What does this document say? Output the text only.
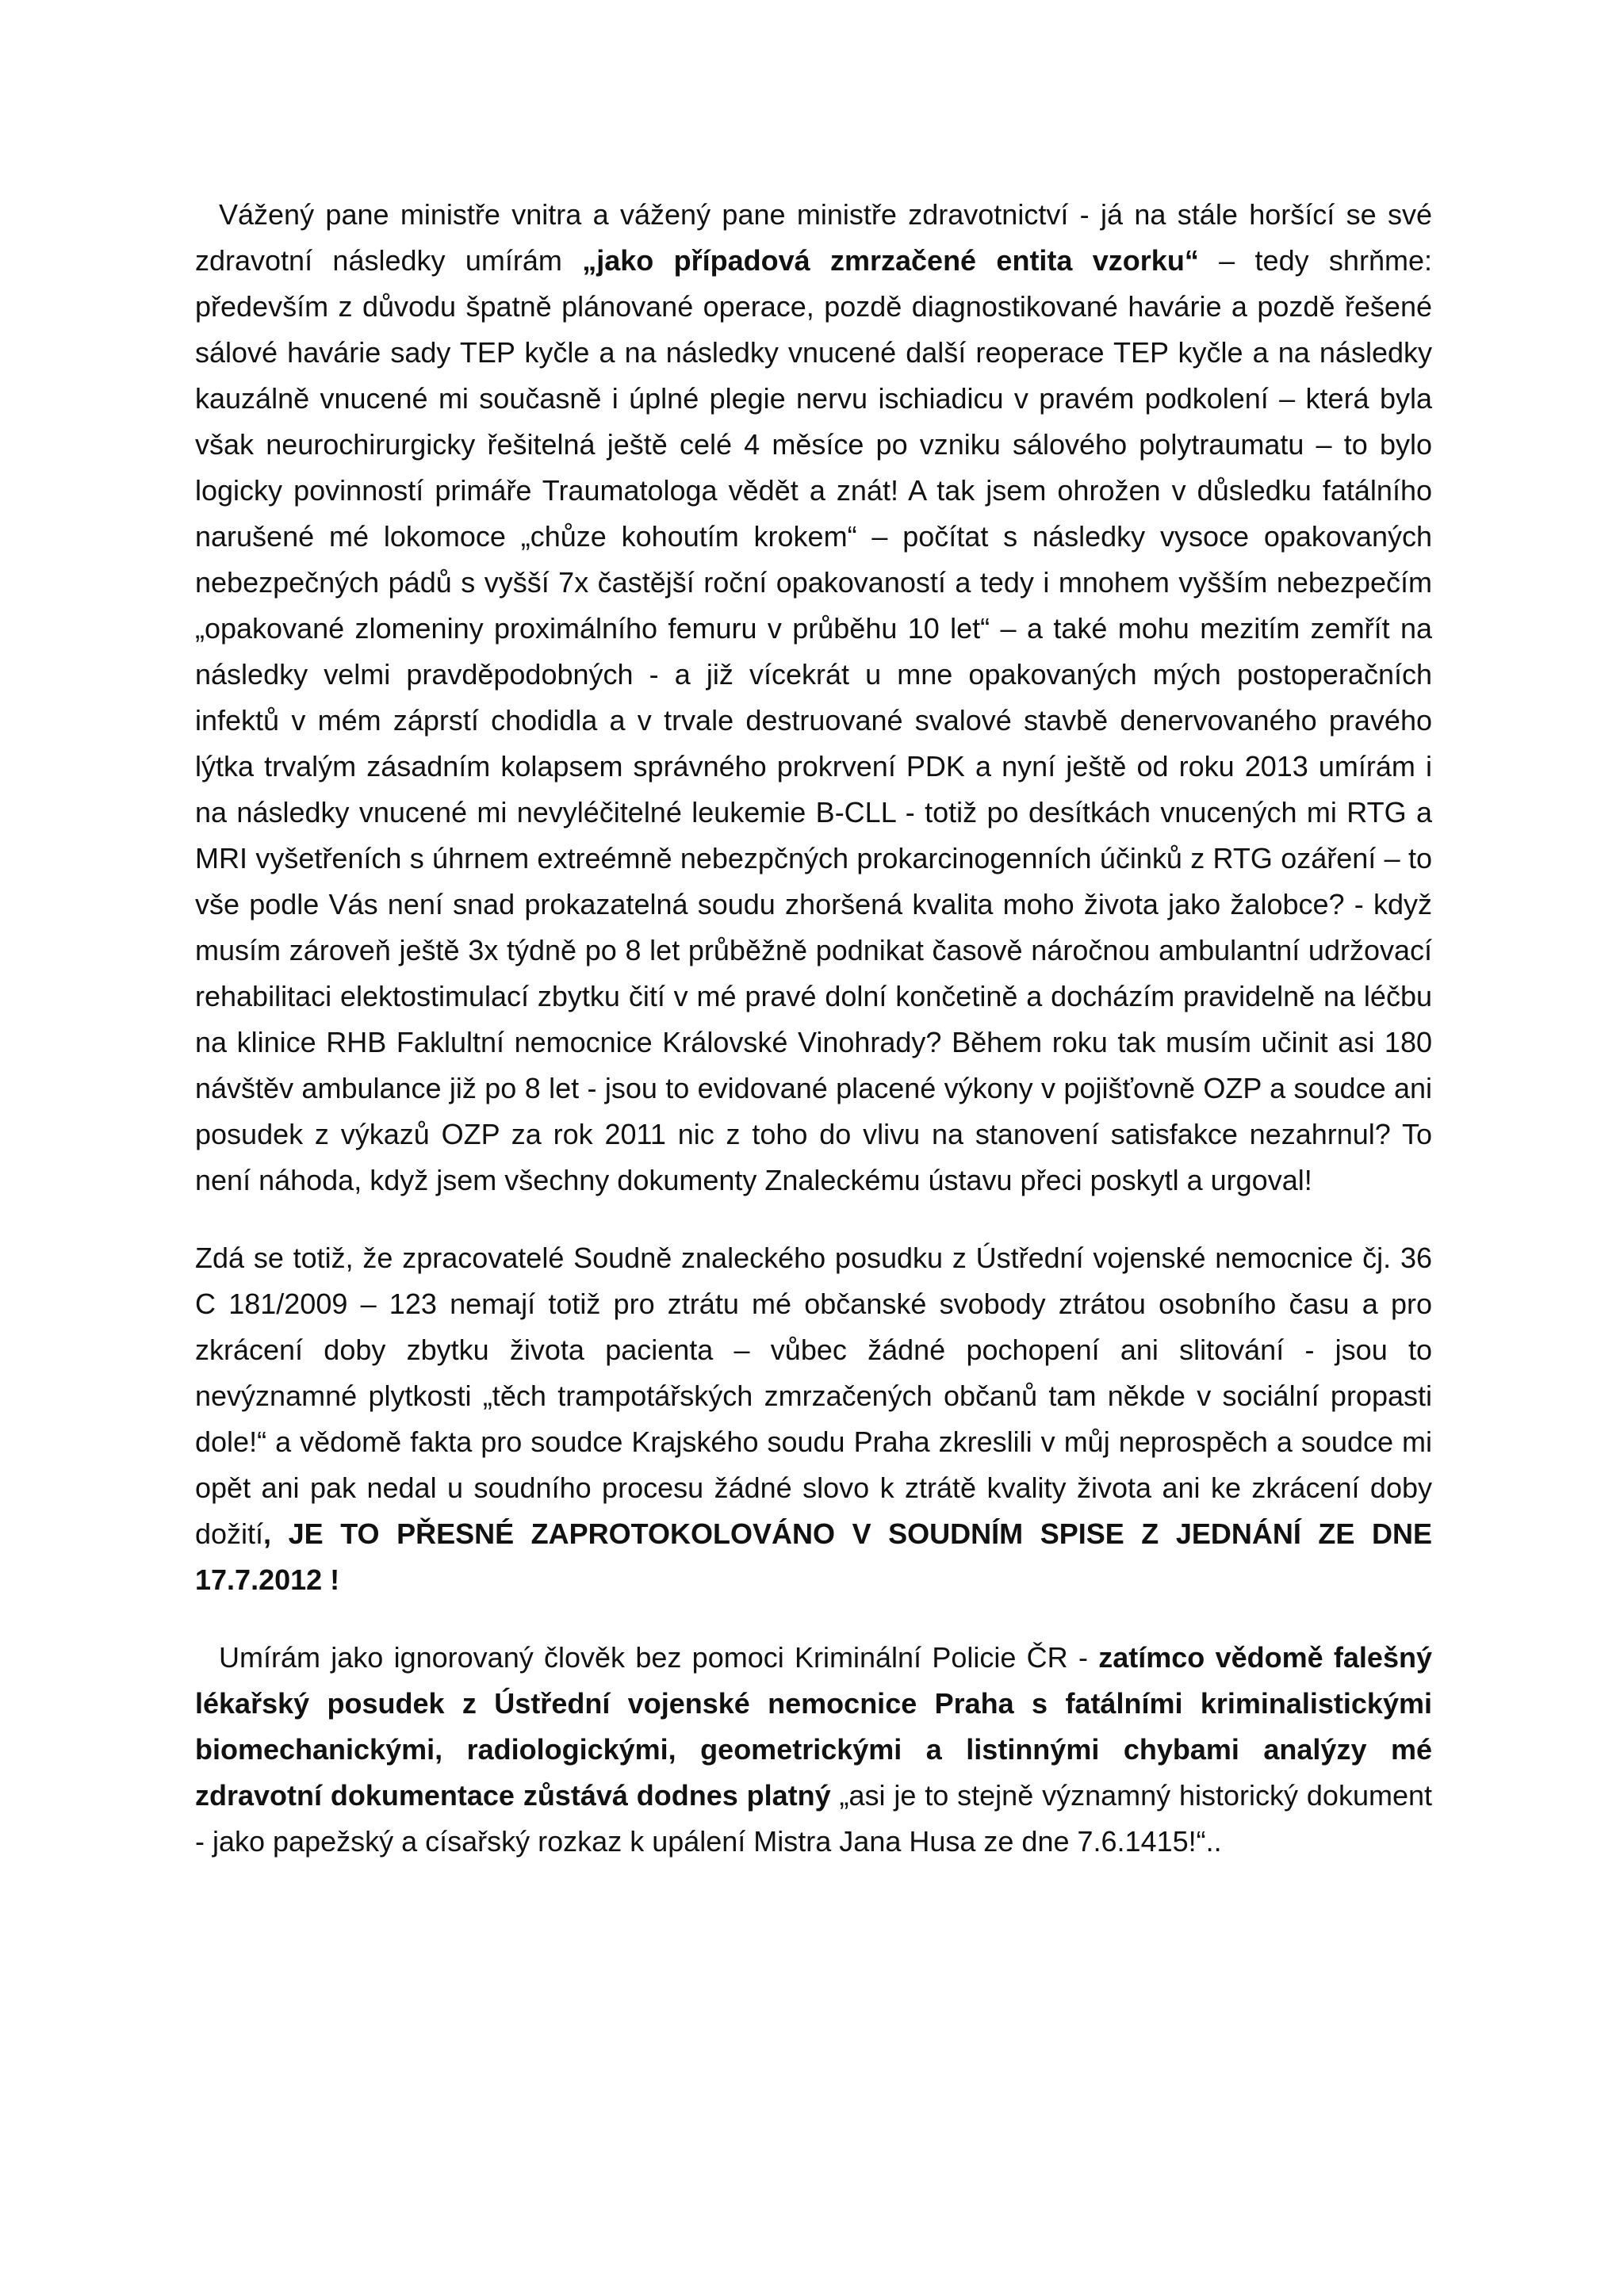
Vážený pane ministře vnitra a vážený pane ministře zdravotnictví - já na stále horšící se své zdravotní následky umírám „jako případová zmrzačené entita vzorku“ – tedy shrňme: především z důvodu špatně plánované operace, pozdě diagnostikované havárie a pozdě řešené sálové havárie sady TEP kyčle a na následky vnucené další reoperace TEP kyčle a na následky kauzálně vnucené mi současně i úplné plegie nervu ischiadicu v pravém podkolení – která byla však neurochirurgicky řešitelná ještě celé 4 měsíce po vzniku sálového polytraumatu – to bylo logicky povinností primáře Traumatologa vědět a znát! A tak jsem ohrožen v důsledku fatálního narušené mé lokomoce „chůze kohoutím krokem“ – počítat s následky vysoce opakovaných nebezpečných pádů s vyšší 7x častější roční opakovaností a tedy i mnohem vyšším nebezpečím „opakované zlomeniny proximálního femuru v průběhu 10 let“ – a také mohu mezitím zemřít na následky velmi pravděpodobných - a již vícekrát u mne opakovaných mých postoperačních infektů v mém záprstí chodidla a v trvale destruované svalové stavbě denervovaného pravého lýtka trvalým zásadním kolapsem správného prokrvení PDK a nyní ještě od roku 2013 umírám i na následky vnucené mi nevyléčitelné leukemie B-CLL - totiž po desítkách vnucených mi RTG a MRI vyšetřeních s úhrnem extreémně nebezpčných prokarcinogenních účinků z RTG ozáření – to vše podle Vás není snad prokazatelná soudu zhoršená kvalita moho života jako žalobce? - když musím zároveň ještě 3x týdně po 8 let průběžně podnikat časově náročnou ambulantní udržovací rehabilitaci elektostimulací zbytku čití v mé pravé dolní končetině a docházím pravidelně na léčbu na klinice RHB Faklultní nemocnice Královské Vinohrady? Během roku tak musím učinit asi 180 návštěv ambulance již po 8 let - jsou to evidované placené výkony v pojišťovně OZP a soudce ani posudek z výkazů OZP za rok 2011 nic z toho do vlivu na stanovení satisfakce nezahrnul? To není náhoda, když jsem všechny dokumenty Znaleckému ústavu přeci poskytl a urgoval!

Zdá se totiž, že zpracovatelé Soudně znaleckého posudku z Ústřední vojenské nemocnice čj. 36 C 181/2009 – 123 nemají totiž pro ztrátu mé občanské svobody ztrátou osobního času a pro zkrácení doby zbytku života pacienta – vůbec žádné pochopení ani slitování - jsou to nevýznamné plytkosti „těch trampotářských zmrzačených občanů tam někde v sociální propasti dole!“ a vědomě fakta pro soudce Krajského soudu Praha zkreslili v můj neprospěch a soudce mi opět ani pak nedal u soudního procesu žádné slovo k ztrátě kvality života ani ke zkrácení doby dožití, JE TO PŘESNÉ ZAPROTOKOLOVÁNO V SOUDNÍM SPISE Z JEDNÁNÍ ZE DNE 17.7.2012 !

Umírám jako ignorovaný člověk bez pomoci Kriminální Policie ČR - zatímco vědomě falešný lékařský posudek z Ústřední vojenské nemocnice Praha s fatálními kriminalistickými biomechanickými, radiologickými, geometrickými a listinnými chybami analýzy mé zdravotní dokumentace zůstává dodnes platný „asi je to stejně významný historický dokument - jako papežský a císařský rozkaz k upálení Mistra Jana Husa ze dne 7.6.1415!“..
